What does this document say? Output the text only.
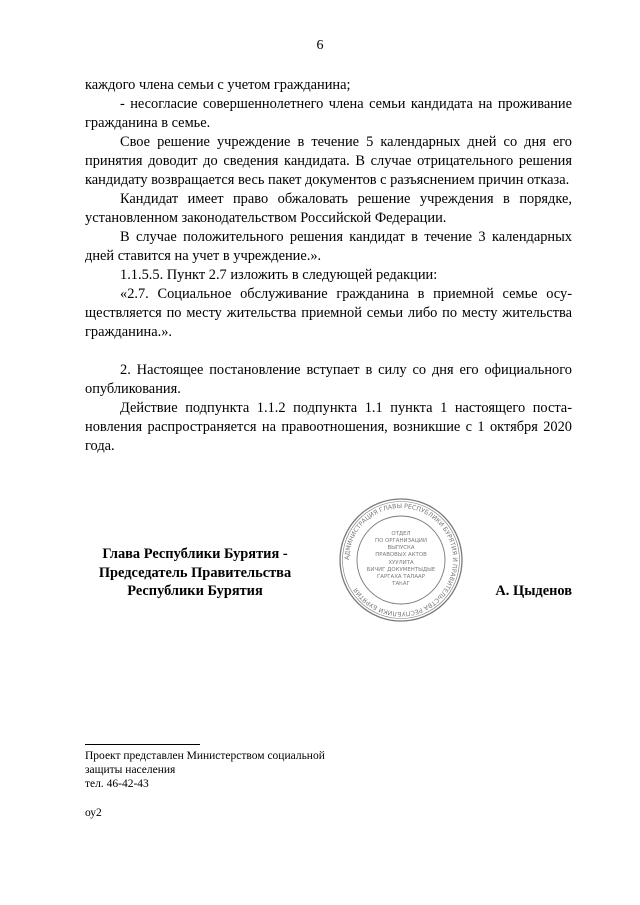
6

каждого члена семьи с учетом гражданина;

- несогласие совершеннолетнего члена семьи кандидата на проживание гражданина в семье.

Свое решение учреждение в течение 5 календарных дней со дня его принятия доводит до сведения кандидата. В случае отрицательного решения кандидату возвращается весь пакет документов с разъяснением причин отказа.

Кандидат имеет право обжаловать решение учреждения в порядке, установленном законодательством Российской Федерации.

В случае положительного решения кандидат в течение 3 календарных дней ставится на учет в учреждение.».

1.1.5.5. Пункт 2.7 изложить в следующей редакции:

«2.7. Социальное обслуживание гражданина в приемной семье осуществляется по месту жительства приемной семьи либо по месту жительства гражданина.».

2. Настоящее постановление вступает в силу со дня его официального опубликования.

Действие подпункта 1.1.2 подпункта 1.1 пункта 1 настоящего постановления распространяется на правоотношения, возникшие с 1 октября 2020 года.

Глава Республики Бурятия -
Председатель Правительства
Республики Бурятия
АДМИНИСТРАЦИЯ ГЛАВЫ РЕСПУБЛИКИ БУРЯТИЯ И ПРАВИТЕЛЬСТВА РЕСПУБЛИКИ БУРЯТИЯ
ОТДЕЛ
ПО ОРГАНИЗАЦИИ
ВЫПУСКА
ПРАВОВЫХ АКТОВ
ХУУЛИТА
БИЧИГ ДОКУМЕНТЫДЫЕ
ГАРГАХА ТАЛААР
ТАҺАГ	А. Цыденов
Проект представлен Министерством социальной
защиты населения
тел. 46-42-43
оу2
